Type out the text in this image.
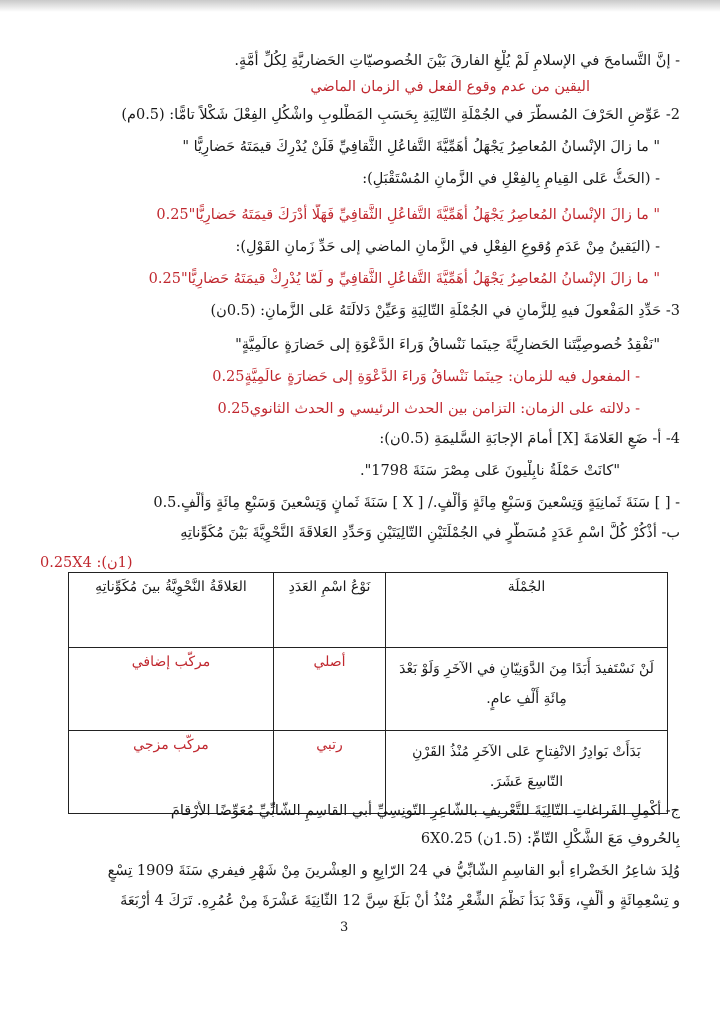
- إنَّ التَّسامحَ في الإسلامِ لَمْ يُلْغِ الفارقَ بَيْنَ الخُصوصيّاتِ الحَضاريَّةِ لِكُلِّ أُمَّةٍ.
اليقين من عدم وقوع الفعل في الزمان الماضي
2- عَوِّضِ الحَرْفَ المُسطَّرَ في الجُمْلَةِ التّالِيَةِ بِحَسَبِ المَطْلوبِ واشْكُلِ الفِعْلَ شَكْلاً تامًّا: (0.5م)
" ما زالَ الإنْسانُ المُعاصِرُ يَجْهَلُ أهَمِّيَّةَ التَّفاعُلِ الثَّقافِيِّ فَلَنْ يُدْرِكَ قيمَتَهُ حَضارِيًّا "
- (الحَثُّ عَلى القِيامِ بِالفِعْلِ في الزَّمانِ المُسْتَقْبَلِ):
" ما زالَ الإنْسانُ المُعاصِرُ يَجْهَلُ أهَمِّيَّةَ التَّفاعُلِ الثَّقافِيِّ فَهَلّا أدْرَكَ قيمَتَهُ حَضارِيًّا"0.25
- (اليَقينُ مِنْ عَدَمِ وُقوعِ الفِعْلِ في الزَّمانِ الماضي إلى حَدِّ زَمانِ القَوْلِ):
" ما زالَ الإنْسانُ المُعاصِرُ يَجْهَلُ أهَمِّيَّةَ التَّفاعُلِ الثَّقافِيِّ و لَمّا يُدْرِكْ قيمَتَهُ حَضارِيًّا"0.25
3- حَدِّدِ المَفْعولَ فيهِ لِلزَّمانِ في الجُمْلَةِ التّالِيَةِ وَعَيِّنْ دَلالَتَهُ عَلى الزَّمانِ: (0.5ن)
"نَفْقِدُ خُصوصِيَّتَنا الحَضارِيَّةَ حِينَما نَنْساقُ وَراءَ الدَّعْوَةِ إلى حَضارَةٍ عالَمِيَّةٍ"
- المفعول فيه للزمان: حِينَما نَنْساقُ وَراءَ الدَّعْوَةِ إلى حَضارَةٍ عالَمِيَّةٍ0.25
- دلالته على الزمان: التزامن بين الحدث الرئيسي و الحدث الثانوي0.25
4- أ- ضَعِ العَلامَةَ [X] أمامَ الإجابَةِ السَّليمَةِ (0.5ن):
"كانَتْ حَمْلَةُ نابِلْيونَ عَلى مِصْرَ سَنَةَ 1798".
- [ ] سَنَةَ ثَمانِيَةٍ وَتِسْعينَ وَسَبْعِ مِائَةٍ وَأَلْفٍ./ [ X ] سَنَةَ ثَمانٍ وَتِسْعينَ وَسَبْعِ مِائَةٍ وَأَلْفٍ.0.5
ب- أُذْكُرْ كُلَّ اسْمِ عَدَدٍ مُسَطَّرٍ في الجُمْلَتَيْنِ التّالِيَتَيْنِ وَحَدِّدِ العَلاقَةَ النَّحْوِيَّةَ بَيْنَ مُكَوِّناتِهِ
(1ن): 0.25X4
الجُمْلَة	نَوْعُ اسْمِ العَدَدِ	العَلاقَةُ النَّحْوِيَّةُ بينَ مُكَوِّناتِهِ
لَنْ نَسْتَفيدَ أَبَدًا مِنَ الدَّوَنِيّانِ في الآخَرِ وَلَوْ بَعْدَ مِائَةِ أَلْفِ عامٍ.	أصلي	مركّب إضافي
بَدَأَتْ بَوادِرُ الانْفِتاحِ عَلى الآخَرِ مُنْذُ القَرْنِ التّاسِعَ عَشَرَ.	رتبي	مركّب مزجي
ج- أَكْمِلِ الفَراغاتِ التّالِيَةَ للتَّعْريفِ بالشّاعِرِ التّونِسِيِّ أبي القاسِمِ الشّابِّيِّ مُعَوِّضًا الأَرْقامَ
بِالحُروفِ مَعَ الشَّكْلِ التّامِّ: (1.5ن) 6X0.25
وُلِدَ شاعِرُ الخَضْراءِ أبو القاسِمِ الشّابِّيُّ في 24 الرّابِعِ و العِشْرينَ مِنْ شَهْرِ فيفري سَنَةَ 1909 تِسْعٍ
و تِسْعِمِائَةٍ و أَلْفٍ، وَقَدْ بَدَأَ نَظْمَ الشِّعْرِ مُنْذُ أَنْ بَلَغَ سِنَّ 12 الثّانِيَةَ عَشْرَةَ مِنْ عُمُرِهِ. تَرَكَ 4 أَرْبَعَةَ
3
